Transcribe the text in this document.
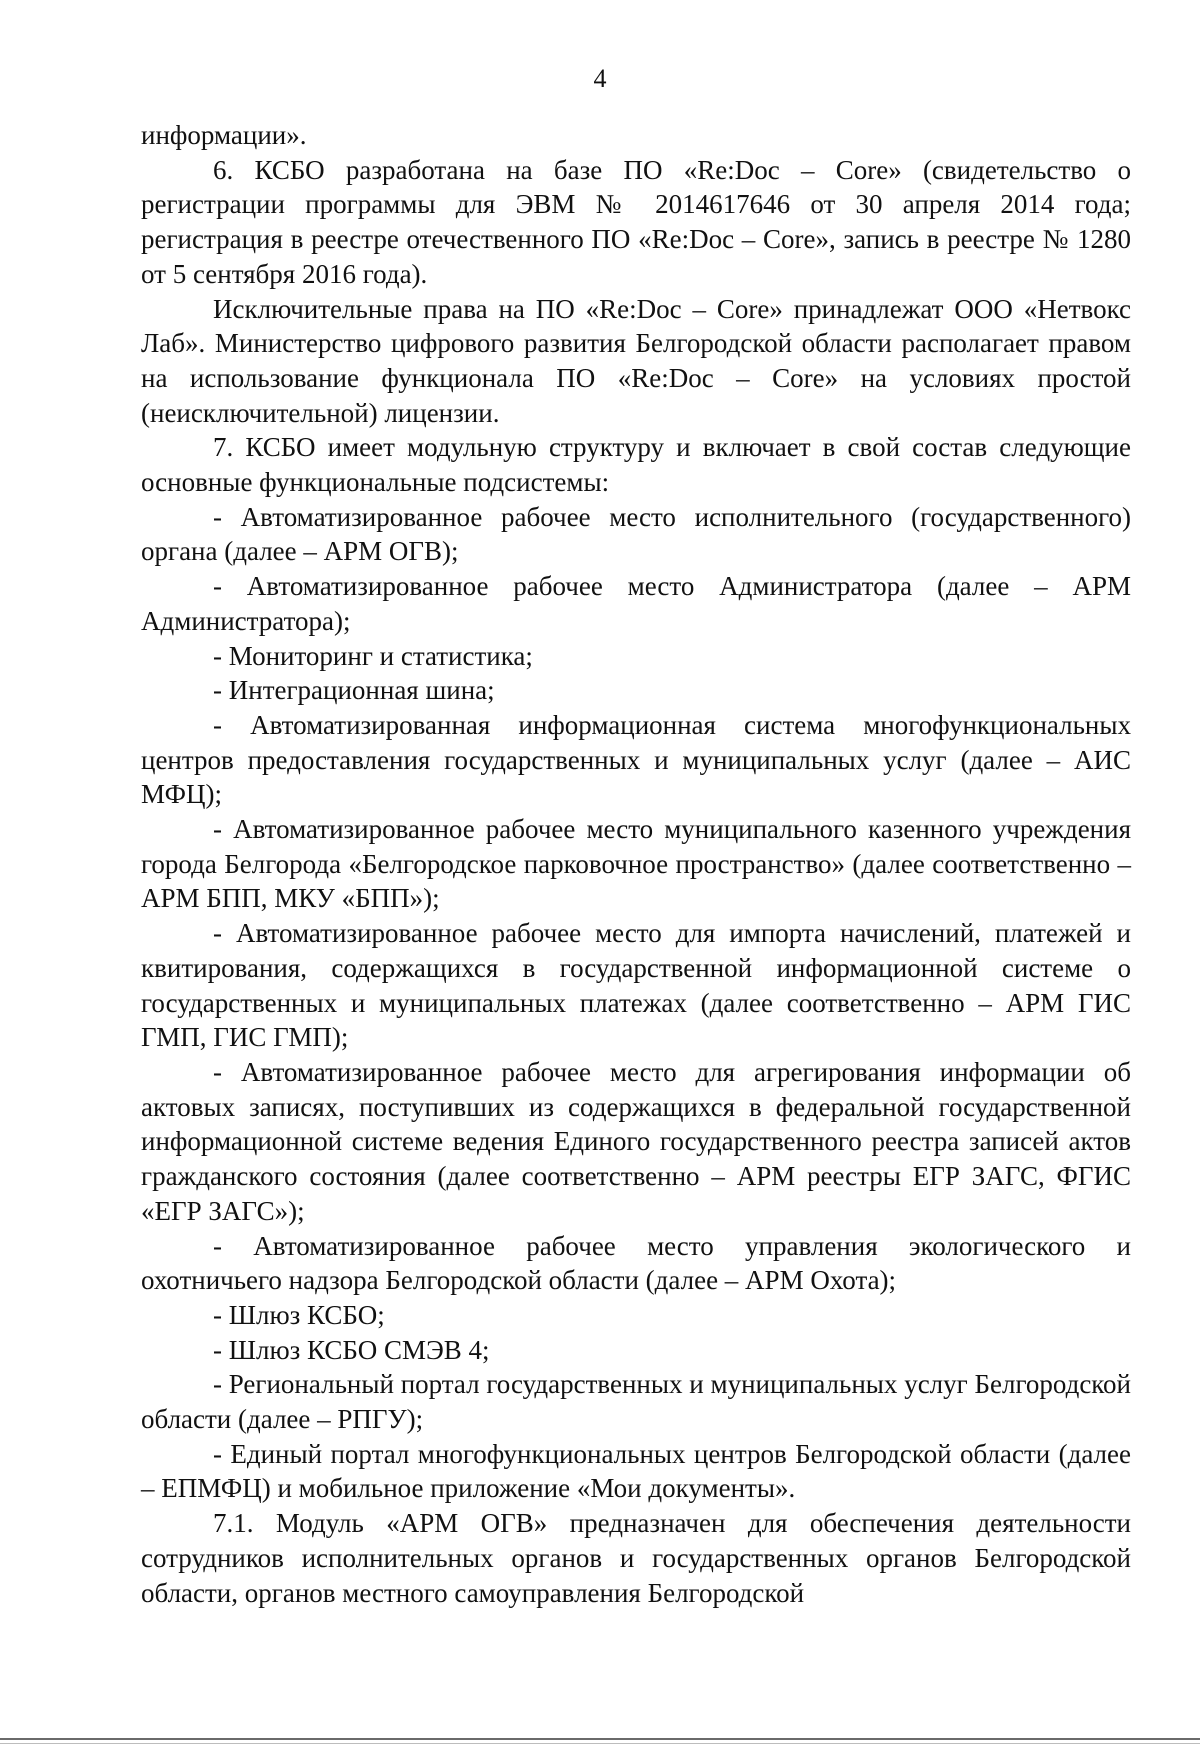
4

информации».

6. КСБО разработана на базе ПО «Re:Doc – Core» (свидетельство о регистрации программы для ЭВМ № 2014617646 от 30 апреля 2014 года; регистрация в реестре отечественного ПО «Re:Doc – Core», запись в реестре № 1280 от 5 сентября 2016 года).

Исключительные права на ПО «Re:Doc – Core» принадлежат ООО «Нетвокс Лаб». Министерство цифрового развития Белгородской области располагает правом на использование функционала ПО «Re:Doc – Core» на условиях простой (неисключительной) лицензии.

7. КСБО имеет модульную структуру и включает в свой состав следующие основные функциональные подсистемы:

- Автоматизированное рабочее место исполнительного (государственного) органа (далее – АРМ ОГВ);

- Автоматизированное рабочее место Администратора (далее – АРМ Администратора);

- Мониторинг и статистика;

- Интеграционная шина;

- Автоматизированная информационная система многофункциональных центров предоставления государственных и муниципальных услуг (далее – АИС МФЦ);

- Автоматизированное рабочее место муниципального казенного учреждения города Белгорода «Белгородское парковочное пространство» (далее соответственно – АРМ БПП, МКУ «БПП»);

- Автоматизированное рабочее место для импорта начислений, платежей и квитирования, содержащихся в государственной информационной системе о государственных и муниципальных платежах (далее соответственно – АРМ ГИС ГМП, ГИС ГМП);

- Автоматизированное рабочее место для агрегирования информации об актовых записях, поступивших из содержащихся в федеральной государственной информационной системе ведения Единого государственного реестра записей актов гражданского состояния (далее соответственно – АРМ реестры ЕГР ЗАГС, ФГИС «ЕГР ЗАГС»);

- Автоматизированное рабочее место управления экологического и охотничьего надзора Белгородской области (далее – АРМ Охота);

- Шлюз КСБО;

- Шлюз КСБО СМЭВ 4;

- Региональный портал государственных и муниципальных услуг Белгородской области (далее – РПГУ);

- Единый портал многофункциональных центров Белгородской области (далее – ЕПМФЦ) и мобильное приложение «Мои документы».

7.1. Модуль «АРМ ОГВ» предназначен для обеспечения деятельности сотрудников исполнительных органов и государственных органов Белгородской области, органов местного самоуправления Белгородской
